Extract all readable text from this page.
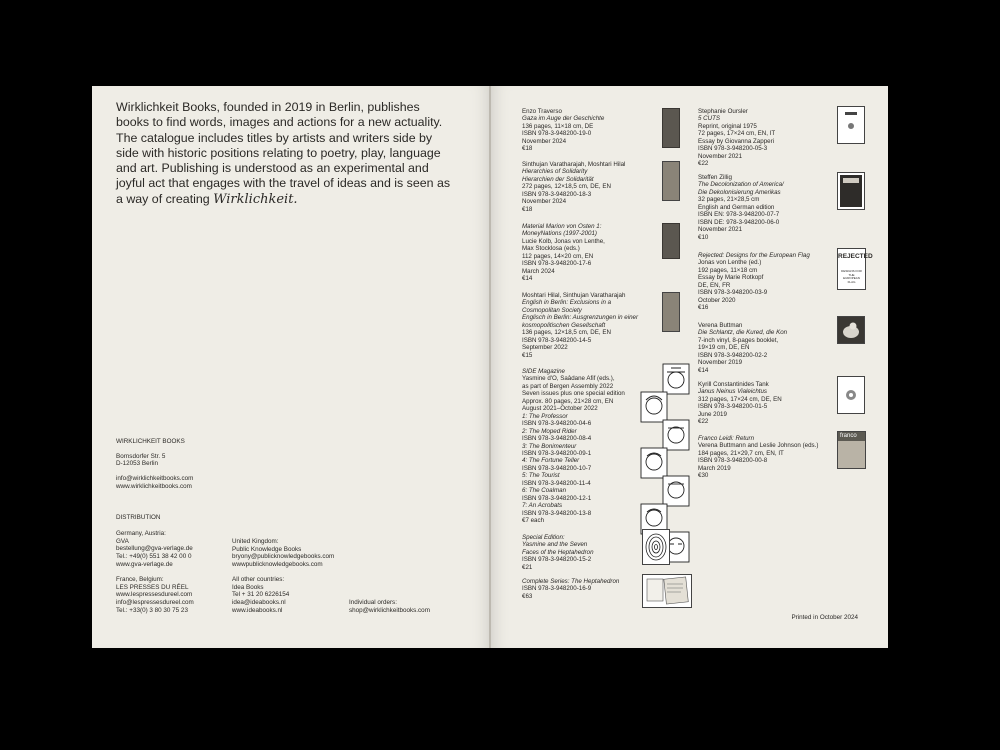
Wirklichkeit Books, founded in 2019 in Berlin, publishes books to find words, images and actions for a new actuality. The catalogue includes titles by artists and writers side by side with historic positions relating to poetry, play, language and art. Publishing is understood as an experimental and joyful act that engages with the travel of ideas and is seen as a way of creating Wirklichkeit.

WIRKLICHKEIT BOOKS
Bornsdorfer Str. 5
D-12053 Berlin
info@wirklichkeitbooks.com
www.wirklichkeitbooks.com
DISTRIBUTION
Germany, Austria:
GVA
bestellung@gva-verlage.de
Tel.: +49(0) 551 38 42 00 0
www.gva-verlage.de
United Kingdom:
Public Knowledge Books
bryony@publicknowledgebooks.com
wwwpublicknowledgebooks.com
France, Belgium:
LES PRESSES DU RÉEL
www.lespressesdureel.com
info@lespressesdureel.com
Tel.: +33(0) 3 80 30 75 23
All other countries:
Idea Books
Tel + 31 20 6226154
idea@ideabooks.nl
www.ideabooks.nl
Individual orders:
shop@wirklichkeitbooks.com
Enzo Traverso
Gaza im Auge der Geschichte
136 pages, 11×18 cm, DE
ISBN 978-3-948200-19-0
November 2024
€18
Sinthujan Varatharajah, Moshtari Hilal
Hierarchies of Solidarity
Hierarchien der Solidarität
272 pages, 12×18,5 cm, DE, EN
ISBN 978-3-948200-18-3
November 2024
€18
Material Marion von Osten 1:
MoneyNations (1997-2001)
Lucie Kolb, Jonas von Lenthe,
Max Stocklosa (eds.)
112 pages, 14×20 cm, EN
ISBN 978-3-948200-17-6
March 2024
€14
Moshtari Hilal, Sinthujan Varatharajah
English in Berlin: Exclusions in a
Cosmopolitan Society
Englisch in Berlin: Ausgrenzungen in einer
kosmopolitischen Gesellschaft
136 pages, 12×18,5 cm, DE, EN
ISBN 978-3-948200-14-5
September 2022
€15
SIDE Magazine
Yasmine d'O, Saâdane Afif (eds.),
as part of Bergen Assembly 2022
Seven issues plus one special edition
Approx. 80 pages, 21×28 cm, EN
August 2021–October 2022
1: The Professor
ISBN 978-3-948200-04-6
2: The Moped Rider
ISBN 978-3-948200-08-4
3: The Bonimenteur
ISBN 978-3-948200-09-1
4: The Fortune Teller
ISBN 978-3-948200-10-7
5: The Tourist
ISBN 978-3-948200-11-4
6: The Coalman
ISBN 978-3-948200-12-1
7: An Acrobats
ISBN 978-3-948200-13-8
€7 each
Special Edition:
Yasmine and the Seven
Faces of the Heptahedron
ISBN 978-3-948200-15-2
€21
Complete Series: The Heptahedron
ISBN 978-3-948200-16-9
€63
Stephanie Oursler
5 CUTS
Reprint, original 1975
72 pages, 17×24 cm, EN, IT
Essay by Giovanna Zapperi
ISBN 978-3-948200-05-3
November 2021
€22
Steffen Zillig
The Decolonization of America/
Die Dekolonisierung Amerikas
32 pages, 21×28,5 cm
English and German edition
ISBN EN: 978-3-948200-07-7
ISBN DE: 978-3-948200-06-0
November 2021
€10
Rejected: Designs for the European Flag
Jonas von Lenthe (ed.)
192 pages, 11×18 cm
Essay by Marie Rotkopf
DE, EN, FR
ISBN 978-3-948200-03-9
October 2020
€16
Verena Buttman
Die Schlantz, die Kured, die Kon
7-inch vinyl, 8-pages booklet,
19×19 cm, DE, EN
ISBN 978-3-948200-02-2
November 2019
€14
Kyrill Constantinides Tank
Janus Neinus Vialeichtus
312 pages, 17×24 cm, DE, EN
ISBN 978-3-948200-01-5
June 2019
€22
Franco Leidi: Return
Verena Buttmann and Leslie Johnson (eds.)
184 pages, 21×29,7 cm, EN, IT
ISBN 978-3-948200-00-8
March 2019
€30
REJECTED
DESIGNS FOR THE EUROPEAN FLAG
franco
Printed in October 2024
